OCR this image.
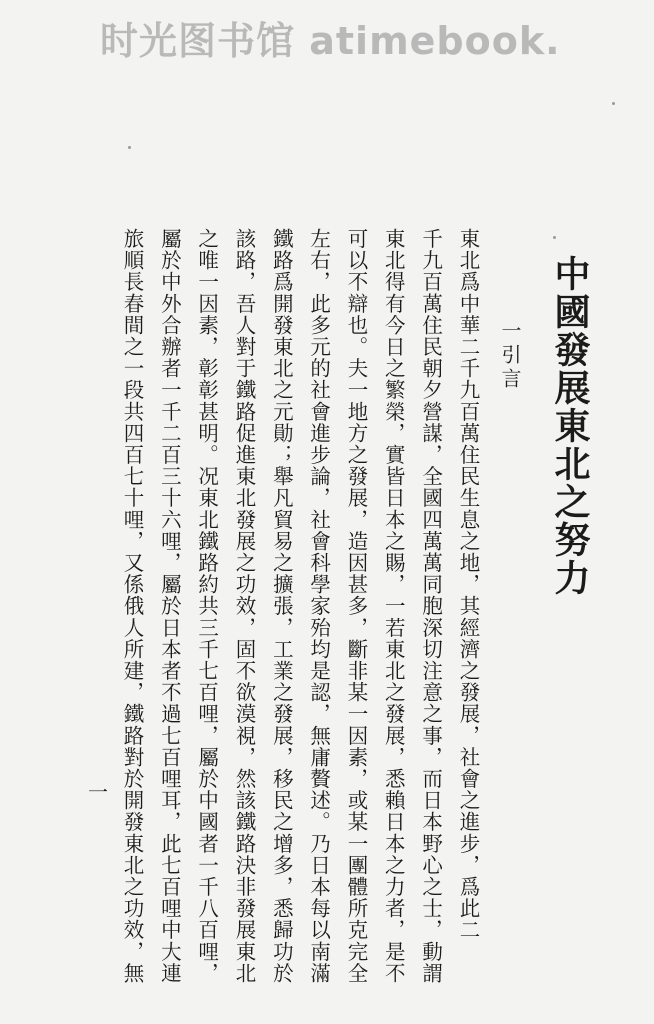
时光图书馆 atimebook.
中國發展東北之努力
一引言
東北爲中華二千九百萬住民生息之地，其經濟之發展，社會之進步，爲此二
千九百萬住民朝夕營謀，全國四萬萬同胞深切注意之事，而日本野心之士，動謂
東北得有今日之繁榮，實皆日本之賜，一若東北之發展，悉賴日本之力者，是不
可以不辯也。夫一地方之發展，造因甚多，斷非某一因素，或某一團體所克完全
左右，此多元的社會進步論，社會科學家殆均是認，無庸贅述。乃日本每以南滿
鐵路爲開發東北之元勛；舉凡貿易之擴張，工業之發展，移民之增多，悉歸功於
該路，吾人對于鐵路促進東北發展之功效，固不欲漠視，然該鐵路決非發展東北
之唯一因素，彰彰甚明。况東北鐵路約共三千七百哩，屬於中國者一千八百哩，
屬於中外合辦者一千二百三十六哩，屬於日本者不過七百哩耳，此七百哩中大連
旅順長春間之一段共四百七十哩，又係俄人所建，鐵路對於開發東北之功效，無
一
